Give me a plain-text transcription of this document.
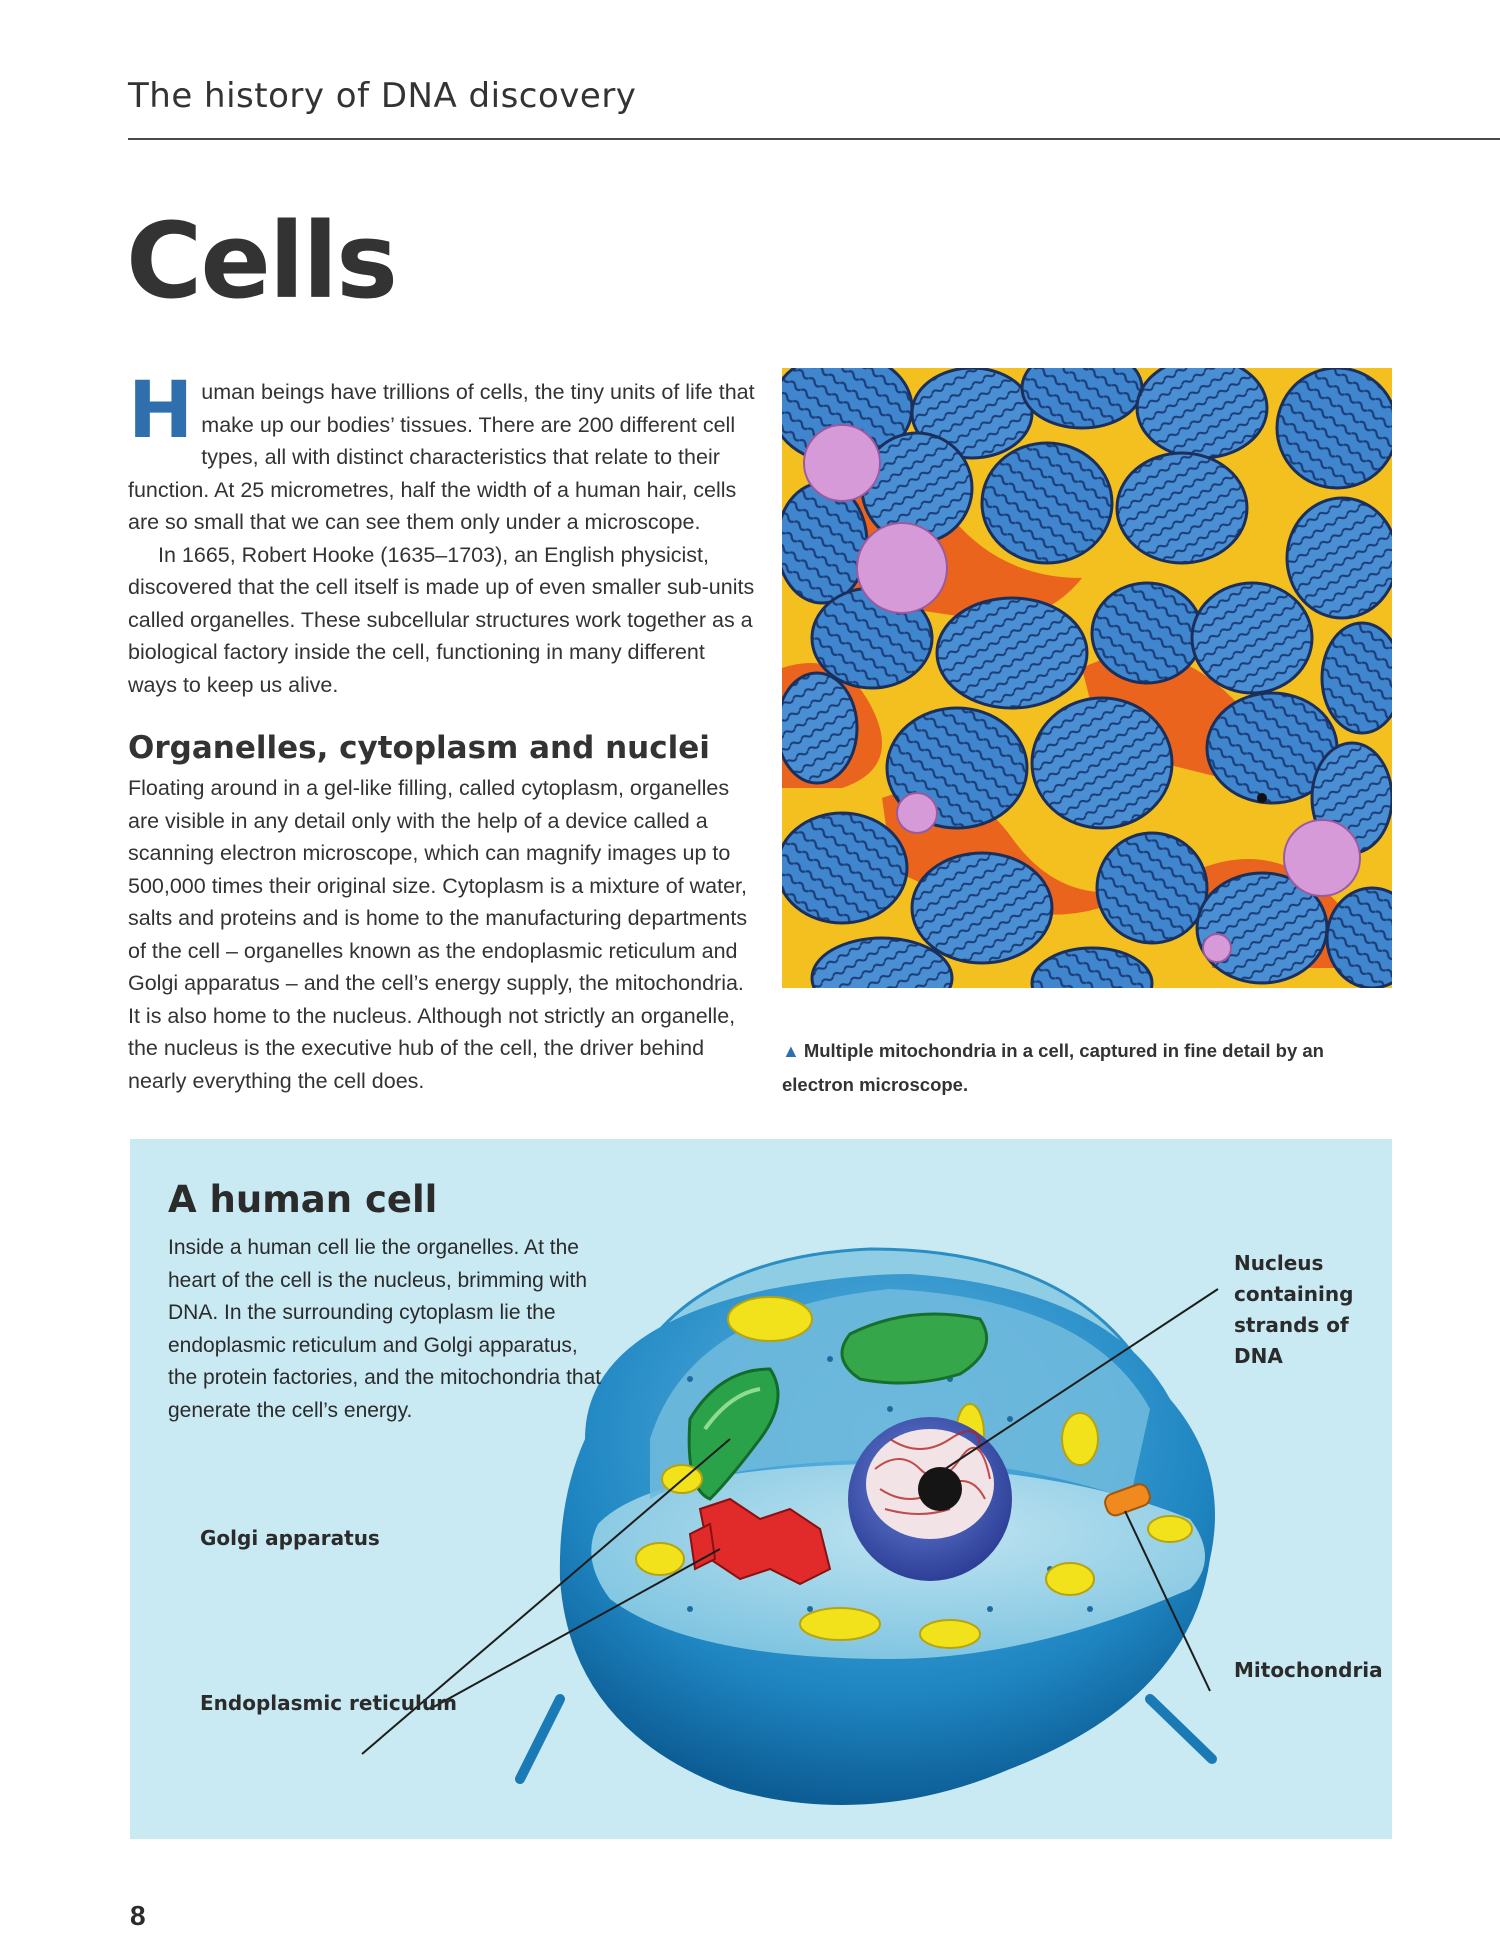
The history of DNA discovery
Cells

Human beings have trillions of cells, the tiny units of life that make up our bodies’ tissues. There are 200 different cell types, all with distinct characteristics that relate to their function. At 25 micrometres, half the width of a human hair, cells are so small that we can see them only under a microscope.

In 1665, Robert Hooke (1635–1703), an English physicist, discovered that the cell itself is made up of even smaller sub-units called organelles. These subcellular structures work together as a biological factory inside the cell, functioning in many different ways to keep us alive.

Organelles, cytoplasm and nuclei

Floating around in a gel-like filling, called cytoplasm, organelles are visible in any detail only with the help of a device called a scanning electron microscope, which can magnify images up to 500,000 times their original size. Cytoplasm is a mixture of water, salts and proteins and is home to the manufacturing departments of the cell – organelles known as the endoplasmic reticulum and Golgi apparatus – and the cell’s energy supply, the mitochondria. It is also home to the nucleus. Although not strictly an organelle, the nucleus is the executive hub of the cell, the driver behind nearly everything the cell does.

▲ Multiple mitochondria in a cell, captured in fine detail by an electron microscope.
A human cell
Inside a human cell lie the organelles. At the heart of the cell is the nucleus, brimming with DNA. In the surrounding cytoplasm lie the endoplasmic reticulum and Golgi apparatus, the protein factories, and the mitochondria that generate the cell’s energy.
Nucleus containing strands of DNA
Golgi apparatus
Endoplasmic reticulum
Mitochondria
8
